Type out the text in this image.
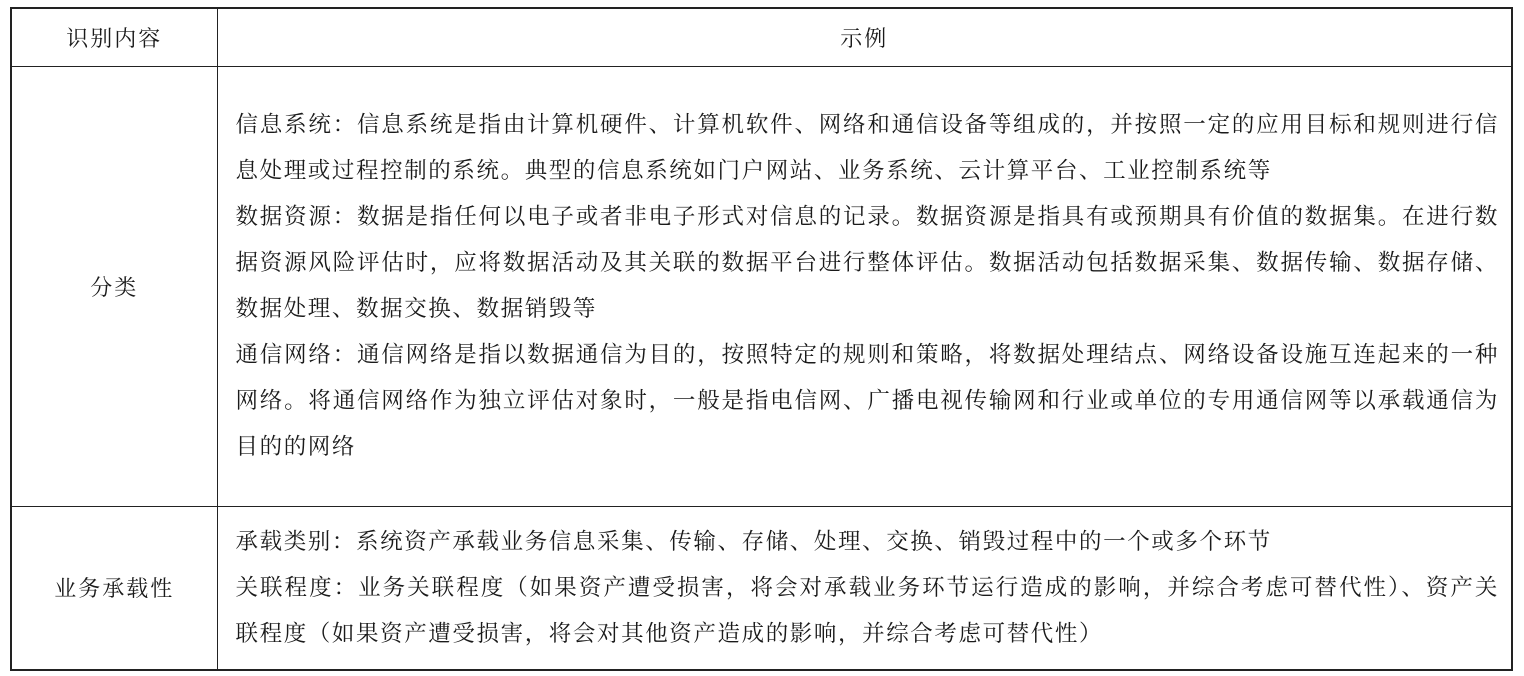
识别内容	示例
分类	信息系统：信息系统是指由计算机硬件、计算机软件、网络和通信设备等组成的，并按照一定的应用目标和规则进行信息处理或过程控制的系统。典型的信息系统如门户网站、业务系统、云计算平台、工业控制系统等
数据资源：数据是指任何以电子或者非电子形式对信息的记录。数据资源是指具有或预期具有价值的数据集。在进行数据资源风险评估时，应将数据活动及其关联的数据平台进行整体评估。数据活动包括数据采集、数据传输、数据存储、数据处理、数据交换、数据销毁等
通信网络：通信网络是指以数据通信为目的，按照特定的规则和策略，将数据处理结点、网络设备设施互连起来的一种网络。将通信网络作为独立评估对象时，一般是指电信网、广播电视传输网和行业或单位的专用通信网等以承载通信为目的的网络

业务承载性	承载类别：系统资产承载业务信息采集、传输、存储、处理、交换、销毁过程中的一个或多个环节
关联程度：业务关联程度（如果资产遭受损害，将会对承载业务环节运行造成的影响，并综合考虑可替代性）、资产关联程度（如果资产遭受损害，将会对其他资产造成的影响，并综合考虑可替代性）
